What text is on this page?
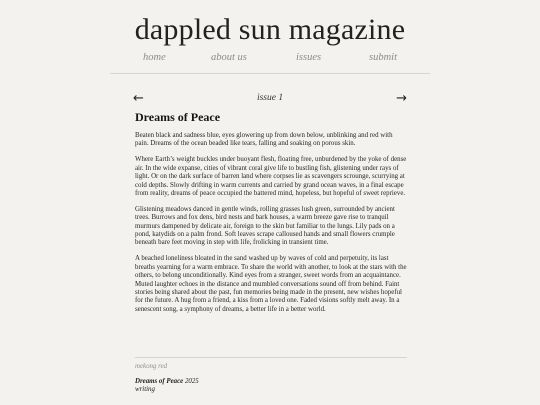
dappled sun magazine
home	about us	issues	submit
←	issue 1	→
Dreams of Peace

Beaten black and sadness blue, eyes glowering up from down below, unblinking and red with pain. Dreams of the ocean beaded like tears, falling and soaking on porous skin.

Where Earth’s weight buckles under buoyant flesh, floating free, unburdened by the yoke of dense air. In the wide expanse, cities of vibrant coral give life to bustling fish, glistening under rays of light. Or on the dark surface of barren land where corpses lie as scavengers scrounge, scurrying at cold depths. Slowly drifting in warm currents and carried by grand ocean waves, in a final escape from reality, dreams of peace occupied the battered mind, hopeless, but hopeful of sweet reprieve.

Glistening meadows danced in gentle winds, rolling grasses lush green, surrounded by ancient trees. Burrows and fox dens, bird nests and bark houses, a warm breeze gave rise to tranquil murmurs dampened by delicate air, foreign to the skin but familiar to the lungs. Lily pads on a pond, katydids on a palm frond. Soft leaves scrape calloused hands and small flowers crumple beneath bare feet moving in step with life, frolicking in transient time.

A beached loneliness bloated in the sand washed up by waves of cold and perpetuity, its last breaths yearning for a warm embrace. To share the world with another, to look at the stars with the others, to belong unconditionally. Kind eyes from a stranger, sweet words from an acquaintance. Muted laughter echoes in the distance and mumbled conversations sound off from behind. Faint stories being shared about the past, fun memories being made in the present, new wishes hopeful for the future. A hug from a friend, a kiss from a loved one. Faded visions softly melt away. In a senescent song, a symphony of dreams, a better life in a better world.

mekong red
Dreams of Peace 2025
writing
